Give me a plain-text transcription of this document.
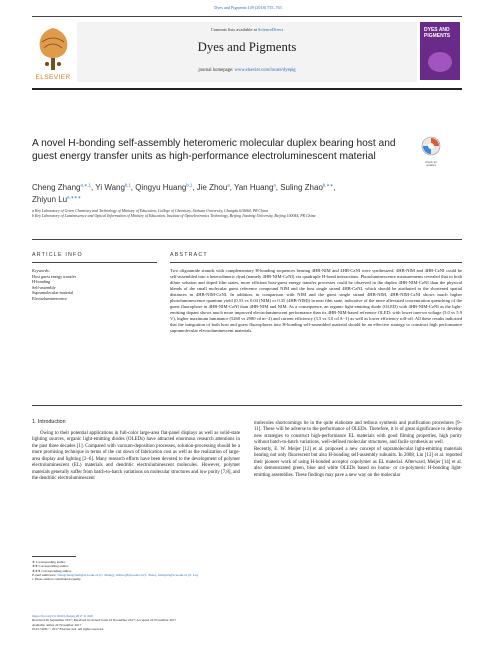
Dyes and Pigments 149 (2018) 755–763
ELSEVIER
Contents lists available at ScienceDirect
Dyes and Pigments
journal homepage: www.elsevier.com/locate/dyepig
DYES AND PIGMENTS
A novel H-bonding self-assembly heteromeric molecular duplex bearing host and guest energy transfer units as high-performance electroluminescent material
Check for updates
Cheng Zhang$^{a,∗,1}$, Yi Wang$^{b,1}$, Qingyu Huang$^{b,1}$, Jie Zhou$^a$, Yan Huang$^a$, Suling Zhao$^{b,∗∗}$,
Zhiyun $Lu^{a,∗∗∗}$
a Key Laboratory of Green Chemistry and Technology of Ministry of Education, College of Chemistry, Sichuan University, Chengdu 610064, PR China
b Key Laboratory of Luminescence and Optical Information of Ministry of Education, Institute of Optoelectronics Technology, Beijing Jiaotong University, Beijing 100044, PR China
ARTICLE INFO
Keywords:
Host guest energy transfer
H-bonding
Self-assembly
Supramolecular material
Electroluminescence
ABSTRACT
Two oligoamide strands with complementary H-bonding sequences bearing 4HB-NIM and 4HB-CzNI were synthesized. 4HB-NIM and 4HB-CzNI could be self-assembled into a heterodimeric dyad (namely 4HB-NIM-CzNI) via quadruple H-bond interactions. Photoluminescence measurements revealed that in both dilute solution and doped film states, more efficient host-guest energy transfer processes could be observed in the duplex 4HB-NIM-CzNI than the physical blends of the small molecular guest reference compound NIM and the host single strand 4HB-CzNI, which should be attributed to the shortened spatial distances in 4HB-NIM-CzNI. In addition, in comparison with NIM and the guest single strand 4HB-NIM, 4HB-NIM-CzNI shows much higher photoluminescence quantum yield (0.53 vs 0.04 (NIM) or 0.35 (4HB-NIM)) in neat film state, indicative of the more alleviated concentration quenching of the guest fluorophore in 4HB-NIM-CzNI than 4HB-NIM and NIM. As a consequence, an organic light-emitting diode (OLED) with 4HB-NIM-CzNI as the light-emitting dopant shows much more improved electroluminescent performance than its 4HB-NIM-based reference OLED: with lower turn-on voltage (5.0 vs 5.9 V), higher maximum luminance (5260 vs 2980 cd m−2) and current efficiency (3.5 vs 3.0 cd A−1) as well as lower efficiency roll-off. All these results indicated that the integration of both host and guest fluorophores into H-bonding self-assembled material should be an effective strategy to construct high performance supramolecular electroluminescent materials.
1. Introduction
Owing to their potential applications in full-color large-area flat-panel displays as well as solid-state lighting sources, organic light-emitting diodes (OLEDs) have attracted enormous research attentions in the past three decades [1]. Compared with vacuum-deposition processes, solution-processing should be a more promising technique in terms of the cut down of fabrication cost as well as the realization of large-area display and lighting [2–6]. Many research efforts have been devoted to the development of polymer electroluminescent (EL) materials and dendritic electroluminescent molecules. However, polymer materials generally suffer from batch-to-batch variations on molecular structures and low purity [7,8], and the dendritic electroluminescent
molecules shortcomings lie in the quite elaborate and tedious synthesis and purification procedures [9–11]. These will be adverse to the performance of OLEDs. Therefore, it is of great significance to develop new strategies to construct high-performance EL materials with good filming properties, high purity without batch-to-batch variations, well-defined molecular structures, and facile synthesis as well.
Recently, E. W. Meijer [12] et al. proposed a new concept of supramolecular light-emitting materials bearing not only fluorescent but also H-bonding self-assembly subunits. In 2008, Lin [13] et al. reported their pioneer work of using H-bonded acceptor copolymer as EL material. Afterward, Meijer [14] et al. also demonstrated green, blue and white OLEDs based on homo- or co-polymeric H-bonding light-emitting assemblies. These findings may pave a new way on the molecular
∗ Corresponding author.
∗∗ Corresponding author.
∗∗∗ Corresponding author.
E-mail addresses: zhangchengchem@scu.edu.cn (C. Zhang), slzhao@bjtu.edu.cn (S. Zhao), luzhiyun@scu.edu.cn (Z. Lu).
1 These authors contributed equally.
https://doi.org/10.1016/j.dyepig.2017.11.049
Received 26 September 2017; Received in revised form 19 November 2017; Accepted 22 November 2017
Available online 24 November 2017
0143-7208/ © 2017 Elsevier Ltd. All rights reserved.
